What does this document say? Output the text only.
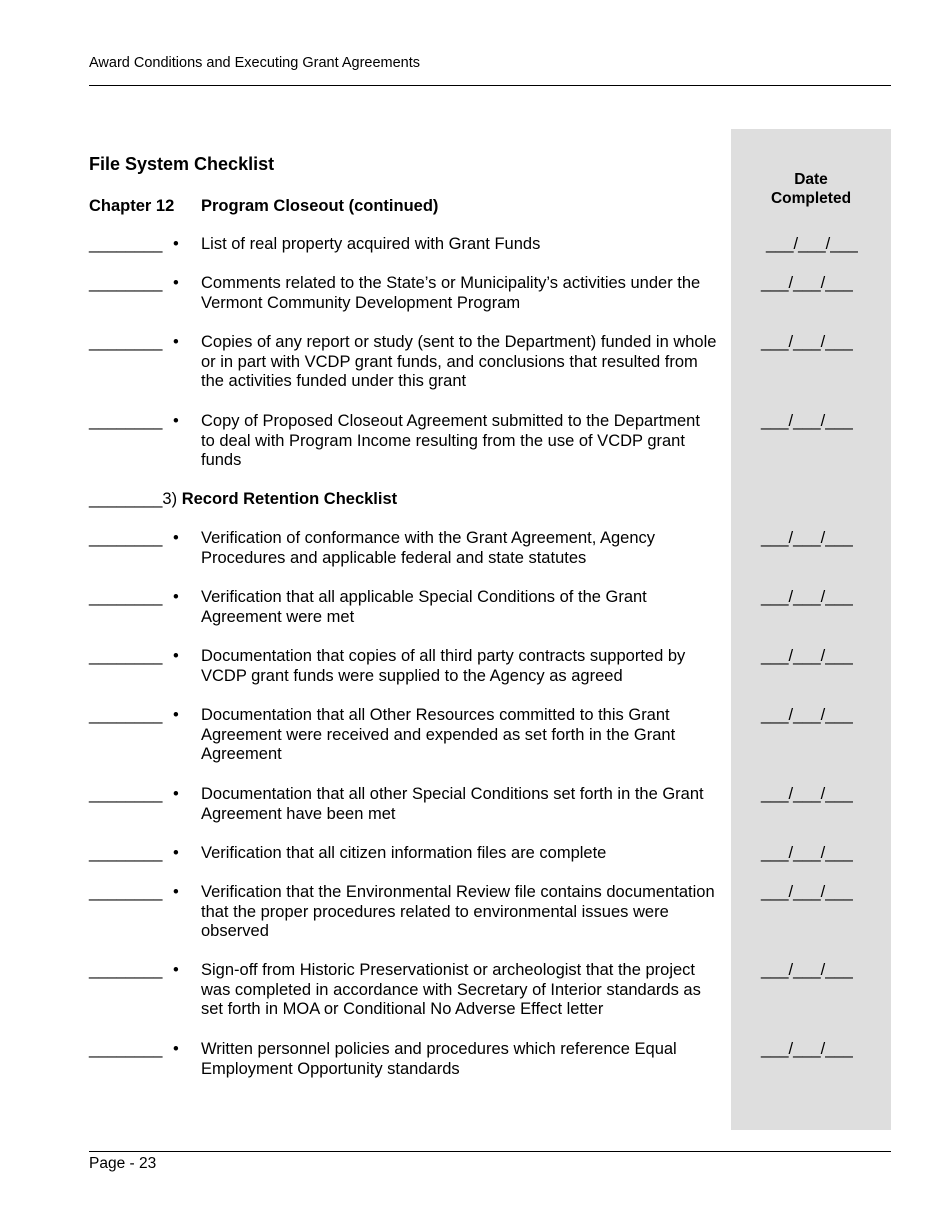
Award Conditions and Executing Grant Agreements
Date
Completed
File System Checklist
Chapter 12 Program Closeout (continued)
________ • List of real property acquired with Grant Funds	___/___/___
________ • Comments related to the State’s or Municipality’s activities under the
Vermont Community Development Program
___/___/___
________ • Copies of any report or study (sent to the Department) funded in whole
or in part with VCDP grant funds, and conclusions that resulted from
the activities funded under this grant
___/___/___
________ • Copy of Proposed Closeout Agreement submitted to the Department
to deal with Program Income resulting from the use of VCDP grant
funds
___/___/___
________3) Record Retention Checklist
________ • Verification of conformance with the Grant Agreement, Agency
Procedures and applicable federal and state statutes
___/___/___
________ • Verification that all applicable Special Conditions of the Grant
Agreement were met
___/___/___
________ • Documentation that copies of all third party contracts supported by
VCDP grant funds were supplied to the Agency as agreed
___/___/___
________ • Documentation that all Other Resources committed to this Grant
Agreement were received and expended as set forth in the Grant
Agreement
___/___/___
________ • Documentation that all other Special Conditions set forth in the Grant
Agreement have been met
___/___/___
________ • Verification that all citizen information files are complete	___/___/___
________ • Verification that the Environmental Review file contains documentation
that the proper procedures related to environmental issues were
observed
___/___/___
________ • Sign-off from Historic Preservationist or archeologist that the project
was completed in accordance with Secretary of Interior standards as
set forth in MOA or Conditional No Adverse Effect letter
___/___/___
________ • Written personnel policies and procedures which reference Equal
Employment Opportunity standards
___/___/___
Page - 23
